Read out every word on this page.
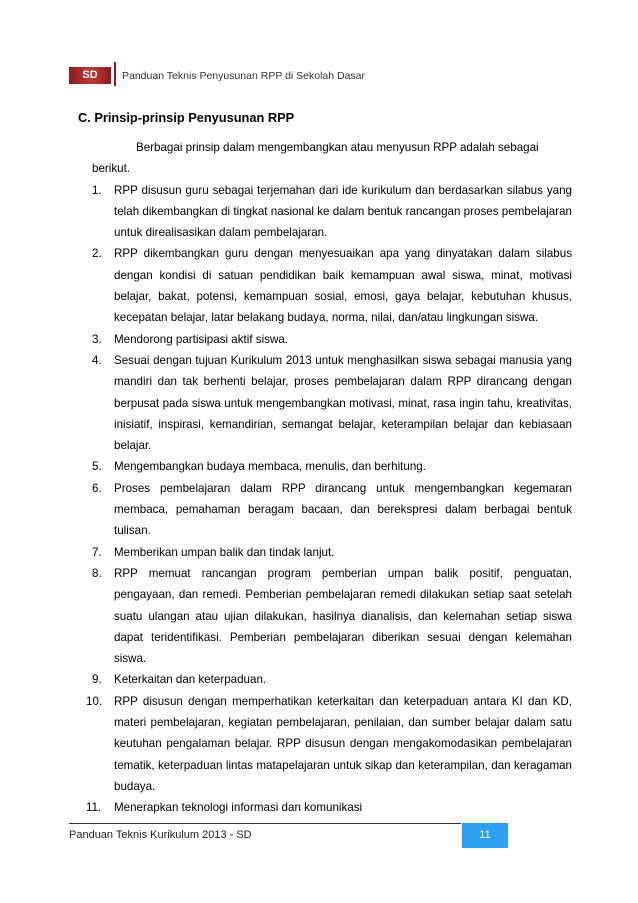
SD	Panduan Teknis Penyusunan RPP di Sekolah Dasar
C. Prinsip-prinsip Penyusunan RPP

Berbagai prinsip dalam mengembangkan atau menyusun RPP adalah sebagai

berikut.

1. RPP disusun guru sebagai terjemahan dari ide kurikulum dan berdasarkan silabus yang telah dikembangkan di tingkat nasional ke dalam bentuk rancangan proses pembelajaran untuk direalisasikan dalam pembelajaran.
2. RPP dikembangkan guru dengan menyesuaikan apa yang dinyatakan dalam silabus dengan kondisi di satuan pendidikan baik kemampuan awal siswa, minat, motivasi belajar, bakat, potensi, kemampuan sosial, emosi, gaya belajar, kebutuhan khusus, kecepatan belajar, latar belakang budaya, norma, nilai, dan/atau lingkungan siswa.
3. Mendorong partisipasi aktif siswa.
4. Sesuai dengan tujuan Kurikulum 2013 untuk menghasilkan siswa sebagai manusia yang mandiri dan tak berhenti belajar, proses pembelajaran dalam RPP dirancang dengan berpusat pada siswa untuk mengembangkan motivasi, minat, rasa ingin tahu, kreativitas, inisiatif, inspirasi, kemandirian, semangat belajar, keterampilan belajar dan kebiasaan belajar.
5. Mengembangkan budaya membaca, menulis, dan berhitung.
6. Proses pembelajaran dalam RPP dirancang untuk mengembangkan kegemaran membaca, pemahaman beragam bacaan, dan berekspresi dalam berbagai bentuk tulisan.
7. Memberikan umpan balik dan tindak lanjut.
8. RPP memuat rancangan program pemberian umpan balik positif, penguatan, pengayaan, dan remedi. Pemberian pembelajaran remedi dilakukan setiap saat setelah suatu ulangan atau ujian dilakukan, hasilnya dianalisis, dan kelemahan setiap siswa dapat teridentifikasi. Pemberian pembelajaran diberikan sesuai dengan kelemahan siswa.
9. Keterkaitan dan keterpaduan.
10. RPP disusun dengan memperhatikan keterkaitan dan keterpaduan antara KI dan KD, materi pembelajaran, kegiatan pembelajaran, penilaian, dan sumber belajar dalam satu keutuhan pengalaman belajar. RPP disusun dengan mengakomodasikan pembelajaran tematik, keterpaduan lintas matapelajaran untuk sikap dan keterampilan, dan keragaman budaya.
11. Menerapkan teknologi informasi dan komunikasi
Panduan Teknis Kurikulum 2013 - SD	11
